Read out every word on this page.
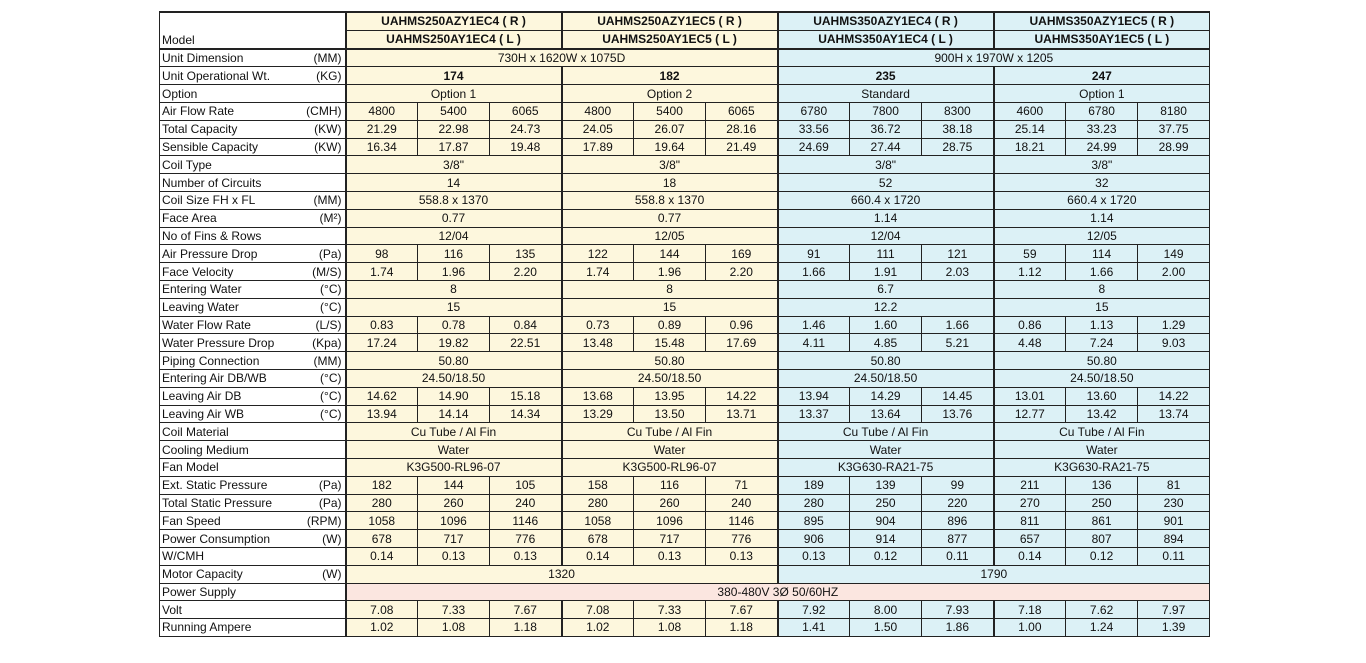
Model	UAHMS250AZY1EC4 ( R )			UAHMS250AZY1EC5 ( R )			UAHMS350AZY1EC4 ( R )			UAHMS350AZY1EC5 ( R )		
	UAHMS250AY1EC4 ( L )			UAHMS250AY1EC5 ( L )			UAHMS350AY1EC4 ( L )			UAHMS350AY1EC5 ( L )		

Unit Dimension (MM)	730H x 1620W x 1075D						900H x 1970W x 1205					

Unit Operational Wt. (KG)	174			182			235			247		

Option	Option 1			Option 2			Standard			Option 1		

Air Flow Rate (CMH)	4800	5400	6065	4800	5400	6065	6780	7800	8300	4600	6780	8180

Total Capacity (KW)	21.29	22.98	24.73	24.05	26.07	28.16	33.56	36.72	38.18	25.14	33.23	37.75

Sensible Capacity (KW)	16.34	17.87	19.48	17.89	19.64	21.49	24.69	27.44	28.75	18.21	24.99	28.99

Coil Type	3/8"			3/8"			3/8"			3/8"		

Number of Circuits	14			18			52			32		

Coil Size FH x FL (MM)	558.8 x 1370			558.8 x 1370			660.4 x 1720			660.4 x 1720		

Face Area (M²)	0.77			0.77			1.14			1.14		

No of Fins & Rows	12/04			12/05			12/04			12/05		

Air Pressure Drop (Pa)	98	116	135	122	144	169	91	111	121	59	114	149

Face Velocity (M/S)	1.74	1.96	2.20	1.74	1.96	2.20	1.66	1.91	2.03	1.12	1.66	2.00

Entering Water (°C)	8			8			6.7			8		

Leaving Water (°C)	15			15			12.2			15		

Water Flow Rate (L/S)	0.83	0.78	0.84	0.73	0.89	0.96	1.46	1.60	1.66	0.86	1.13	1.29

Water Pressure Drop (Kpa)	17.24	19.82	22.51	13.48	15.48	17.69	4.11	4.85	5.21	4.48	7.24	9.03

Piping Connection (MM)	50.80			50.80			50.80			50.80		

Entering Air DB/WB (°C)	24.50/18.50			24.50/18.50			24.50/18.50			24.50/18.50		

Leaving Air DB (°C)	14.62	14.90	15.18	13.68	13.95	14.22	13.94	14.29	14.45	13.01	13.60	14.22

Leaving Air WB (°C)	13.94	14.14	14.34	13.29	13.50	13.71	13.37	13.64	13.76	12.77	13.42	13.74

Coil Material	Cu Tube / Al Fin			Cu Tube / Al Fin			Cu Tube / Al Fin			Cu Tube / Al Fin		

Cooling Medium	Water			Water			Water			Water		

Fan Model	K3G500-RL96-07			K3G500-RL96-07			K3G630-RA21-75			K3G630-RA21-75		

Ext. Static Pressure (Pa)	182	144	105	158	116	71	189	139	99	211	136	81

Total Static Pressure (Pa)	280	260	240	280	260	240	280	250	220	270	250	230

Fan Speed (RPM)	1058	1096	1146	1058	1096	1146	895	904	896	811	861	901

Power Consumption (W)	678	717	776	678	717	776	906	914	877	657	807	894

W/CMH	0.14	0.13	0.13	0.14	0.13	0.13	0.13	0.12	0.11	0.14	0.12	0.11

Motor Capacity (W)	1320						1790					

Power Supply	380-480V 3Ø 50/60HZ											

Volt	7.08	7.33	7.67	7.08	7.33	7.67	7.92	8.00	7.93	7.18	7.62	7.97

Running Ampere	1.02	1.08	1.18	1.02	1.08	1.18	1.41	1.50	1.86	1.00	1.24	1.39
